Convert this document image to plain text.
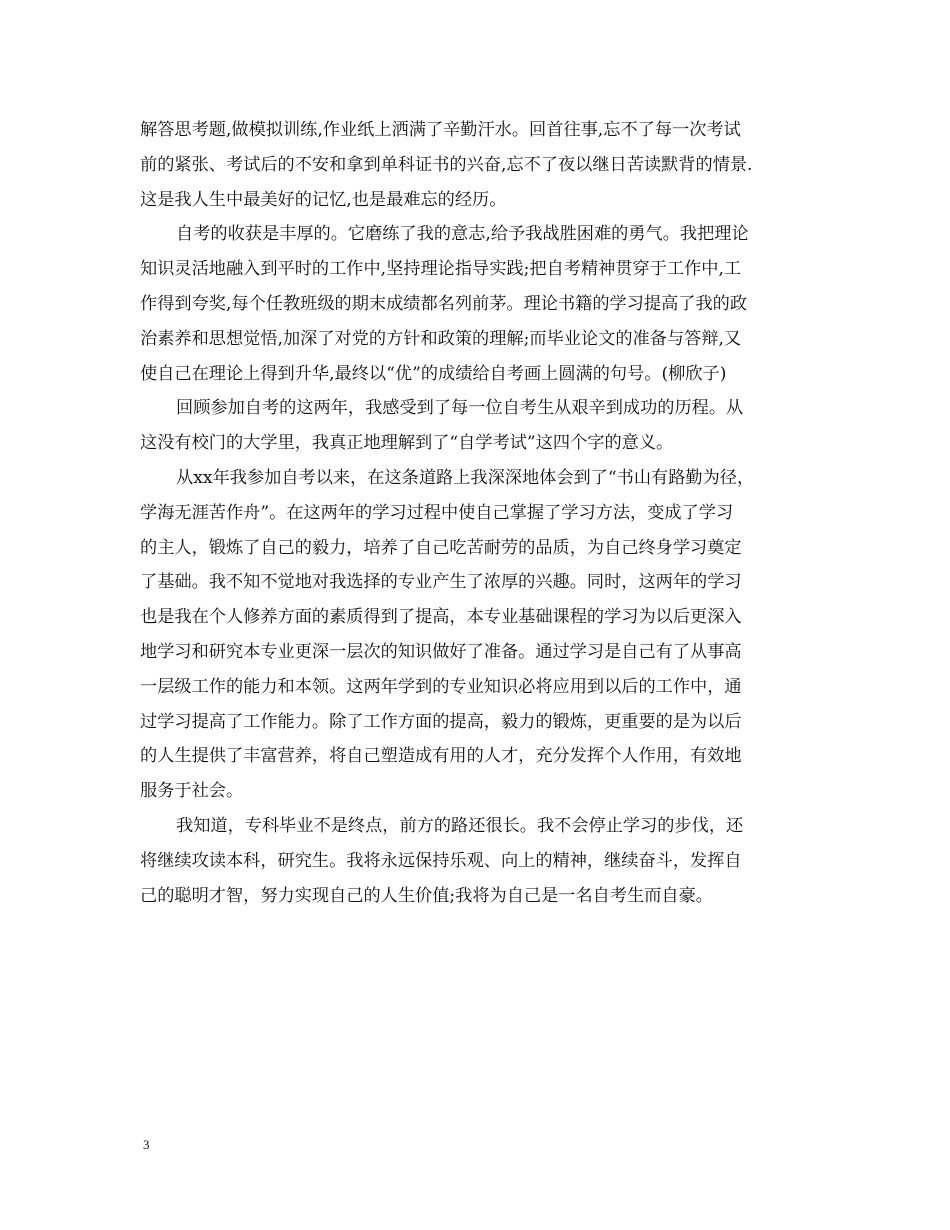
解答思考题,做模拟训练,作业纸上洒满了辛勤汗水。回首往事,忘不了每一次考试
前的紧张、考试后的不安和拿到单科证书的兴奋,忘不了夜以继日苦读默背的情景.
这是我人生中最美好的记忆,也是最难忘的经历。
自考的收获是丰厚的。它磨练了我的意志,给予我战胜困难的勇气。我把理论
知识灵活地融入到平时的工作中,坚持理论指导实践;把自考精神贯穿于工作中,工
作得到夸奖,每个任教班级的期末成绩都名列前茅。理论书籍的学习提高了我的政
治素养和思想觉悟,加深了对党的方针和政策的理解;而毕业论文的准备与答辩,又
使自己在理论上得到升华,最终以“优”的成绩给自考画上圆满的句号。(柳欣子)
回顾参加自考的这两年，我感受到了每一位自考生从艰辛到成功的历程。从
这没有校门的大学里，我真正地理解到了“自学考试”这四个字的意义。
从xx年我参加自考以来，在这条道路上我深深地体会到了“书山有路勤为径，
学海无涯苦作舟”。在这两年的学习过程中使自己掌握了学习方法，变成了学习
的主人，锻炼了自己的毅力，培养了自己吃苦耐劳的品质，为自己终身学习奠定
了基础。我不知不觉地对我选择的专业产生了浓厚的兴趣。同时，这两年的学习
也是我在个人修养方面的素质得到了提高，本专业基础课程的学习为以后更深入
地学习和研究本专业更深一层次的知识做好了准备。通过学习是自己有了从事高
一层级工作的能力和本领。这两年学到的专业知识必将应用到以后的工作中，通
过学习提高了工作能力。除了工作方面的提高，毅力的锻炼，更重要的是为以后
的人生提供了丰富营养，将自己塑造成有用的人才，充分发挥个人作用，有效地
服务于社会。
我知道，专科毕业不是终点，前方的路还很长。我不会停止学习的步伐，还
将继续攻读本科，研究生。我将永远保持乐观、向上的精神，继续奋斗，发挥自
己的聪明才智，努力实现自己的人生价值;我将为自己是一名自考生而自豪。
3
